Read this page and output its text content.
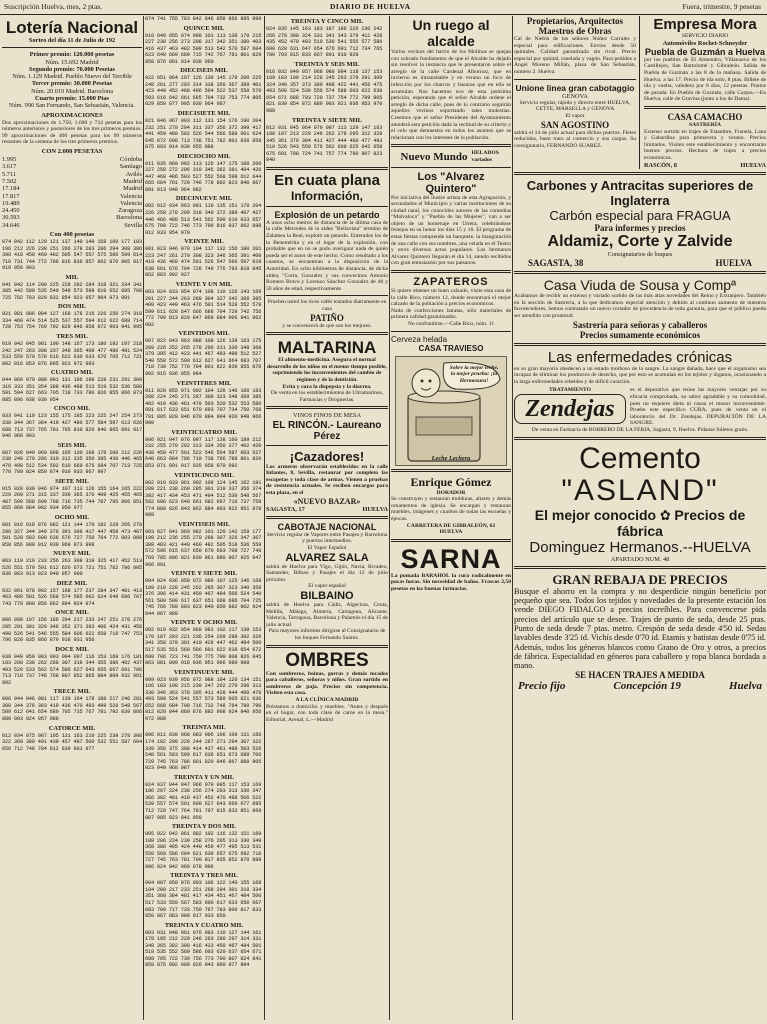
Suscripción Huelva, mes, 2 ptas.	DIARIO DE HUELVA	Fuera, trimestre, 9 pesetas
Lotería Nacional
Sorteo del día 11 de Julio de 192
Primer premio: 120.000 pesetas
Núm. 15.692 Madrid
Segundo premio: 70.000 Pesetas
Núm. 1.129 Madrid. Pueblo Nuevo del Terrible
Tercer premio: 30.000 Pesetas
Núm. 20.019 Madrid. Barcelona
Cuarto premio: 15.000 Ptas
Núm. 990 San Fernando, San Sebastián, Valencia.
APROXIMACIONES

Dos aproximaciones de 1.750, 1.600 y 734 pesetas para los números anteriores y posteriores de los tres primeros premios. 99 aproximaciones de 400 pesetas para los 99 números restantes de la centena de los tres primeros premios.

CON 2.000 PESETAS
1.995	Córdoba
3.617	Santiago
5.711	Avilés
7.502	Madrid
17.184	Madrid
17.817	Valencia
19.489	Valencia
24.450	Zaragoza
30.593	Barcelona
34.646	Sevilla
Con 400 pesetas
074 042 112 120 121 137 140 149 158 160 177 183 196 212 226 230 251 266 278 283 286 294 308 386 390 418 450 469 482 505 547 557 575 586 599 614 710 731 744 772 786 816 836 857 862 870 905 917 919 950 993
MIL
041 042 114 200 225 228 282 284 318 321 334 341 385 442 500 535 540 548 573 598 619 652 685 708 725 782 783 829 832 854 923 957 964 973 991
DOS MIL
021 081 086 094 127 168 178 216 226 250 274 310 334 460 474 514 525 537 557 594 612 622 688 714 728 753 754 769 792 829 846 858 872 903 941 995
TRES MIL
019 042 045 081 100 148 167 173 180 192 197 218 242 247 263 308 337 348 365 408 477 480 491 524 533 559 570 578 616 622 630 633 670 705 712 721 802 816 853 876 895 923 972 993
CUATRO MIL
044 060 079 088 091 131 196 198 228 231 291 309 316 333 351 354 388 436 488 513 519 532 536 580 591 594 627 663 705 718 733 780 826 855 866 873 885 896 938 939 954
CINCO MIL
033 041 119 123 155 175 185 223 225 247 254 273 338 344 367 384 419 427 480 577 584 597 613 626 688 713 737 765 781 795 810 826 840 865 891 917 946 968 993
SEIS MIL
007 020 049 069 098 105 130 168 178 200 212 226 238 248 270 286 310 312 335 350 395 430 446 465 476 498 512 534 592 610 669 676 684 707 713 725 778 789 824 850 874 910 933 967 997
SIETE MIL
015 028 030 046 074 107 113 126 155 164 165 222 229 269 271 315 337 339 365 376 409 425 455 465 487 500 568 609 708 716 735 744 787 795 806 851 855 869 884 902 934 950 977
OCHO MIL
001 016 018 076 082 121 144 170 182 228 265 278 286 327 344 349 376 391 398 417 447 459 473 487 501 528 583 600 636 676 727 750 764 772 803 808 850 856 889 912 939 969 973 998
NUEVE MIL
063 119 219 233 256 263 308 319 325 417 452 513 526 551 570 591 612 620 673 721 751 762 786 805 836 883 913 923 940 957 990
DIEZ MIL
032 061 078 092 157 168 177 237 284 347 401 413 463 489 501 526 568 574 585 602 624 649 686 707 743 770 800 856 862 894 924 974
ONCE MIL
006 098 107 156 186 204 217 233 247 251 270 276 285 291 301 329 346 352 371 393 406 424 431 458 498 526 541 546 555 584 606 622 658 719 747 753 796 828 835 866 879 918 931 956
DOCE MIL
038 049 059 083 093 094 097 116 153 169 176 181 183 208 238 262 288 307 318 344 355 386 402 437 493 520 533 562 574 596 627 643 655 667 681 706 713 718 737 746 768 807 852 865 884 909 932 961 992
TRECE MIL
006 044 046 081 117 139 164 178 188 217 246 281 300 344 376 393 419 436 470 493 499 526 548 567 589 612 641 654 689 705 735 767 781 792 839 866 880 903 924 957 988
CATORCE MIL
012 034 075 087 105 131 163 210 225 239 278 306 322 369 380 401 439 457 487 500 532 551 587 604 656 712 748 784 812 839 901 977
074 741 755 783 842 846 858 866 895 899
QUINCE MIL
010 040 055 074 098 101 113 138 179 215 227 238 256 273 298 317 342 351 380 403 416 437 463 482 509 513 542 570 587 604 623 648 669 689 715 742 767 781 801 829 858 876 891 914 938 960
DIECISEIS MIL
022 051 064 107 126 139 145 179 200 225 248 261 277 293 314 338 350 367 389 401 423 440 452 468 496 504 522 537 558 570 593 616 642 661 685 704 732 753 774 805 829 850 877 905 930 964 987
DIECISIETE MIL
021 046 067 093 112 131 154 176 190 204 232 251 270 294 311 337 356 372 399 417 441 459 480 502 526 544 566 588 601 624 645 672 698 713 738 751 782 801 836 858 875 893 914 930 955 988
DIECIOCHO MIL
011 035 060 092 113 126 147 175 198 206 227 258 272 296 310 345 362 381 404 426 447 468 486 503 527 552 568 598 612 644 665 684 701 729 746 778 802 823 840 867 891 913 948 964 982
DIECINUEVE MIL
002 012 034 063 091 119 135 151 179 204 226 258 278 299 318 340 372 389 407 427 446 466 488 513 541 562 590 610 633 657 675 708 722 746 773 799 816 837 862 888 912 933 954 979
VEINTE MIL
001 023 046 079 104 117 132 156 180 201 223 247 261 279 308 323 346 365 391 400 419 436 460 474 501 526 547 566 597 619 638 661 676 704 728 749 776 793 818 845 862 883 902 927
VEINTE Y UN MIL
003 024 033 054 074 108 110 126 143 169 201 227 244 263 289 304 327 342 366 385 400 423 449 463 476 501 514 528 552 578 599 611 628 647 666 688 704 729 742 756 772 799 813 829 847 869 884 906 941 962 982
VEINTIDOS MIL
007 022 043 063 088 108 126 139 163 175 209 226 252 265 278 296 311 330 348 368 379 395 412 423 441 467 483 498 512 527 540 558 572 590 612 627 641 664 683 707 718 730 752 770 784 801 822 839 855 870 902 915 936 955 984
VEINTITRES MIL
011 028 055 071 092 104 126 140 160 183 208 224 245 271 287 300 323 348 369 385 402 419 436 461 479 503 520 532 553 580 601 617 633 651 670 693 707 734 750 768 791 805 829 846 870 884 904 920 948 966 980
VEINTICUATRO MIL
006 021 047 076 097 117 138 160 189 212 232 255 270 292 313 334 350 377 402 420 438 459 477 501 522 546 564 587 603 627 640 663 684 706 719 738 766 788 801 820 853 871 891 917 935 958 970 992
VEINTICINCO MIL
002 010 033 061 092 109 124 145 162 191 208 221 238 260 285 301 319 337 356 374 392 417 434 453 471 494 512 530 548 567 582 606 623 640 661 682 697 716 737 758 774 800 826 843 862 884 903 922 951 978 989
VEINTISEIS MIL
003 027 041 060 082 101 120 142 159 177 198 212 236 255 270 288 307 326 347 367 388 403 421 440 460 482 505 518 536 558 572 596 615 637 650 670 693 708 727 748 769 785 806 821 839 861 880 907 925 947 966 991
VEINTE Y SIETE MIL
004 024 036 058 072 089 107 125 146 168 189 210 228 245 262 285 307 323 340 358 376 396 414 431 450 467 484 506 524 540 561 580 599 617 637 651 668 686 704 725 745 766 780 803 823 840 859 882 902 924 944 967 989
VEINTE Y OCHO MIL
002 019 032 054 068 081 102 117 139 153 170 187 203 221 236 254 269 288 302 320 341 358 379 391 410 428 447 462 484 500 517 535 551 569 586 601 622 638 654 672 688 706 723 741 759 775 790 808 826 845 863 881 899 918 936 951 966 980 998
VEINTINUEVE MIL
009 023 039 056 072 088 104 120 134 151 166 183 198 215 230 247 262 279 296 313 330 346 363 378 395 411 428 444 460 476 493 508 524 541 557 573 589 605 621 636 652 668 684 700 716 732 748 764 780 796 812 828 844 860 876 892 908 924 940 956 972 988
TREINTA MIL
006 011 039 068 083 096 106 109 131 160 174 182 209 229 244 267 271 294 307 322 339 356 375 398 414 437 461 488 503 526 540 561 583 599 617 636 651 673 689 706 728 745 763 786 801 820 846 867 888 905 923 949 968 987
TREINTA Y UN MIL
024 037 044 047 066 079 095 117 153 169 186 207 224 238 256 274 293 313 330 347 366 382 401 418 437 452 470 488 506 522 539 557 574 591 609 627 643 660 677 695 712 729 747 764 781 797 815 833 851 869 887 905 923 941 959
TREINTA Y DOS MIL
005 022 042 061 082 102 116 132 151 169 188 206 224 239 258 276 295 313 330 349 368 386 405 424 440 459 477 495 513 531 550 569 586 604 621 639 657 675 692 710 727 745 763 781 799 817 835 852 870 888 906 924 942 960 978 996
TREINTA Y TRES MIL
004 007 050 076 093 106 122 140 155 168 184 200 217 233 251 268 284 301 318 334 351 368 384 401 417 434 451 467 484 500 517 533 550 567 583 600 617 633 650 667 683 700 717 733 750 767 783 800 817 833 850 867 883 900 917 933 950
TREINTA Y CUATRO MIL
003 031 048 061 076 093 110 127 144 161 178 195 212 229 246 263 280 297 314 331 348 365 382 399 416 433 450 467 484 501 518 535 552 569 586 603 620 637 654 671 688 705 722 739 756 773 790 807 824 841 858 875 892 909 926 943 960 977 994
TREINTA Y CINCO MIL
024 035 145 163 183 187 196 226 230 242 266 278 300 324 331 341 343 379 411 428 435 452 479 493 519 530 541 555 577 586 600 628 631 647 654 676 691 712 734 765 780 793 815 833 867 891 910 928
TREINTA Y SEIS MIL
016 032 049 057 068 080 094 118 137 153 169 183 199 214 228 245 263 279 291 309 324 340 357 373 389 408 422 441 456 475 493 508 524 539 556 574 588 603 622 638 654 671 688 703 720 737 754 772 789 805 821 839 854 872 889 903 921 936 953 970 988
TREINTA Y SIETE MIL
012 031 045 064 079 097 113 129 147 163 180 197 213 229 246 262 279 295 312 328 345 361 378 394 411 427 444 460 477 493 510 526 543 559 576 592 609 625 642 658 675 691 708 724 741 757 774 790 807 823 840
En cuata plana
Información,
Explosión de un petardo

A unos ocho metros de distancia de la última casa de la calle Mercedes de la aldea "Bellavista" término de Zalamea la Real, explotó un petardo. Enterados los de la Benemérita y en el lugar de la explosión, con probable que en no se pudo averiguar nada de quién pueda ser el autor de este hecho. Como resultado a los cuantos, se encuentran a la disposición de la Autoridad. En ocho kilómetros de distancia, de dicha aldea, "Corta, Gonzalez y sus convecinos Antonio Romero Bravo y Lorenzo Sánchez Gonzalez de 40 y 50 años de edad, respectivamente.

Prueben usted los ricos cafés tostados diariamente en casa

PATIÑO

y se convencerá de que son los mejores.

MALTARINA

El alimento-medicina. Asegura el normal desarrollo de los niños en el menor tiempo posible, suprimiendo los inconvenientes del cambio de régimen y de la dentición.

Evita y cura la dispepsia y la diarrea.

De venta en los establecimientos de Ultramarinos, Farmacias y Droguerías.

VINOS FINOS DE MESA
EL RINCÓN.- Laureano Pérez
¡Cazadores!

Los armeros observarán establecidos en la calle Infantes, 8, Sevilla, restaurar por completo las escopetas y toda clase de armas. Vienen a pruebas de resistencia actuales. Se reciben encargos para esta plaza, en el

«NUEVO BAZAR»
SAGASTA, 17	HUELVA
CABOTAJE NACIONAL

Servicio regular de Vapores entre Pasajes y Barcelona y puertos intermedios.

El Vapor Español
ALVAREZ SALA

saldrá de Huelva para Vigo, Gijón, Navia, Rivadeo, Santander, Bilbao y Pasajes el día 12 de julio próximo.

El vapor español
BILBAINO

saldrá de Huelva para Cádiz, Algeciras, Ceuta, Melilla, Málaga, Almería, Cartagena, Alicante, Valencia, Tarragona, Barcelona y Palamós el día 15 de julio actual.

Para mayores informes dirigirse al Consignatario de los buques Fernando Suárez.

OMBRES

Con sombreros, boinas, gorras y demás tocados para caballeros, señoras y niños. Gran surtido en sombreros de paja. Precios sin competencia. Visiten esta casa.

A LA CLÍNICA MADRID

Préstamos a domicilio y muebles. "Antes y después en el hogar, con toda clase de carne en la mesa." Editorial, Arenal, L.—Madrid

Un ruego al alcalde

Varios vecinos del barrio de los Molinos se quejan con sobrado fundamento de que el Alcalde ha dejado sin resolver la instancia que le presentaron sobre el arreglo de la calle Cardenal Albornoz, que en invierno es intransitable y en verano un foco de infección por los charcos y basuras que en ella se acumulan. Nos hacemos eco de esta justísima petición, esperando que el señor Alcalde ordene el arreglo de dicha calle, pues de lo contrario seguirán aquellos vecinos soportando tales molestias. Creemos que el señor Presidente del Ayuntamiento atenderá esta petición dada la rectitud de su criterio y el celo que demuestra en todos los asuntos que se relacionan con los intereses de la población.

Nuevo Mundo HELADOS variados
Los "Alvarez Quintero"

Por iniciativa del ilustre artista de esta Agrupación, y secundados el Municipio y varias instituciones de su ciudad natal, los conocidos autores de las comedias "Malvaloca" y "Puebla de las Mujeres", van a ser objeto de un homenaje en Utrera, celebrándose festejos en su honor los días 15 y 16. El programa de estas fiestas comprende un banquete, la inauguración de una calle con sus nombres, una velada en el Teatro y otros diversos actos populares. Los hermanos Alvarez Quintero llegarán el día 14, siendo recibidos con gran entusiasmo por sus paisanos.

ZAPATEROS

Si quiere obtener un buen calzado, visite esta casa de la calle Rico, número 12, donde encontrará el mejor calzado de la población a precios económicos.

Nada de confecciones baratas, sólo materiales de primera calidad garantizados.

No confundirse.—Calle Rico, núm. 11

Cerveza helada
CASA TRAVIESO
Sobre la mejor leche, la mejor prueba: ¡la Hermosura!
Leche Lechera
Enrique Gómez
DORADOR

Se construyen y restauran molduras, altares y demás ornamentos de iglesia. Se encargan y restauran muebles, imágenes y cuadros de todas las escuelas y épocas.

CARRETERA DE GIBRALEÓN, 62
HUELVA
SARNA

La pomada BARAHOL la cura radicalmente en pocas horas. Sin necesidad de baños. Frascos 2,50 pesetas en las buenas farmacias.

Propietarios, Arquitectos
Maestros de Obras

Cal de Niebla de los señores Núñez Corrales y especial para edificaciones. Envíos desde 50 quintales. Calidad garantizada sin rival. Precio especial por quintal, tonelada y vagón. Para pedidos a Ángel Moreno Millán, plaza de San Sebastián, número 2. Huelva.

Unione linea gran cabotaggio
GENOVA

Servicio regular, rápido y directo entre HUELVA, CETTE, MARSELLA y GENOVA

El vapor
SAN AGOSTINO

saldrá el 14 de julio actual para dichos puertos. Fletes reducidos, buen trato al comercio y sus cargas. Su consignatario, FERNANDO SUAREZ.

Empresa Mora
SERVICIO DIARIO
Automóviles Rochet-Schneyder
Puebla de Guzmán a Huelva

por los pueblos de El Almendro, Villanueva de los Castillejos, San Bartolomé y Gibraleón. Salida de Puebla de Guzmán a las 8 de la mañana. Salida de Huelva, a las 17. Precio de ida solo, 8 ptas. Billete de ida y vuelta, valedero por 8 días, 12 pesetas. Puntos de parada: En Puebla de Guzmán, calle Carpas.—En Huelva, calle de Gravina (junto a los de Dama).

CASA CAMACHO
SASTRERÍA

Extenso surtido en trajes de Estambre, Franela, Lana y Gabardina para primavera y verano. Precios limitados. Visiten este establecimiento y encontrarán buenos precios. Hechura de trajes a precios económicos.

RASCÓN, 8	HUELVA
Carbones y Antracitas superiores de Inglaterra
Carbón especial para FRAGUA
Para informes y precios
Aldamiz, Corte y Zalvide
Consignatarios de buques
SAGASTA, 38	HUELVA
Casa Viuda de Sousa y Compª

Acabamos de recibir un extenso y variado surtido de las más altas novedades del Reino y Extranjero. También en la sección de Sastrería, a la que dedicamos especial atención y debido al continuo aumento de nuestros favorecedores, hemos contratado un nuevo cortador de procedencia de toda garantía, para que el público pueda ser atendido con prontitud.

Sastrería para señoras y caballeros
Precios sumamente económicos
Las enfermedades crónicas

en su gran mayoría obedecen a un estado morboso de la sangre. La sangre dañada, hace que el organismo sea incapaz de eliminar los productos de desecho, que por esto se acumulan en los tejidos y órganos, ocasionando a la larga enfermedades rebeldes y de difícil curación.

TRATAMIENTO
Zendejas

es el depurativo que reúne las mayores ventajas por su eficacia comprobada, su sabor agradable y su comodidad, pues no requiere dieta ni causa el menor inconveniente. Pruebe este específico CURA, pues de venta en el laboratorio del Dr. Zendejas. DEPURACIÓN DE LA SANGRE.

De venta en Farmacia de BORRERO DE LA FERIA, Sagasta, 9, Huelva. Pídanse folletos gratis.

Cemento
"ASLAND"
El mejor conocido ✿ Precios de fábrica
Dominguez Hermanos.--HUELVA
APARTADO NUM. 48
GRAN REBAJA DE PRECIOS

Busque el ahorro en la compra y no desperdicie ningún beneficio por pequeño que sea. Todos los tejidos y novedades de la presente estación los vende DIEGO FIDALGO a precios increíbles. Para convencerse pida precios del artículo que se desee. Trajes de punto de seda, desde 25 ptas. Punto de seda desde 7 ptas. metro. Crespón de seda desde 4'50 id. Sedas lavables desde 3'25 id. Vichís desde 0'70 id. Etamis y batistas desde 0'75 id. Además, todos los géneros blancos como Grano de Oro y otros, a precios de fábrica. Especialidad en géneros para caballero y ropa blanca bordada a mano.

SE HACEN TRAJES A MEDIDA
Precio fijo	Concepción 19	Huelva
